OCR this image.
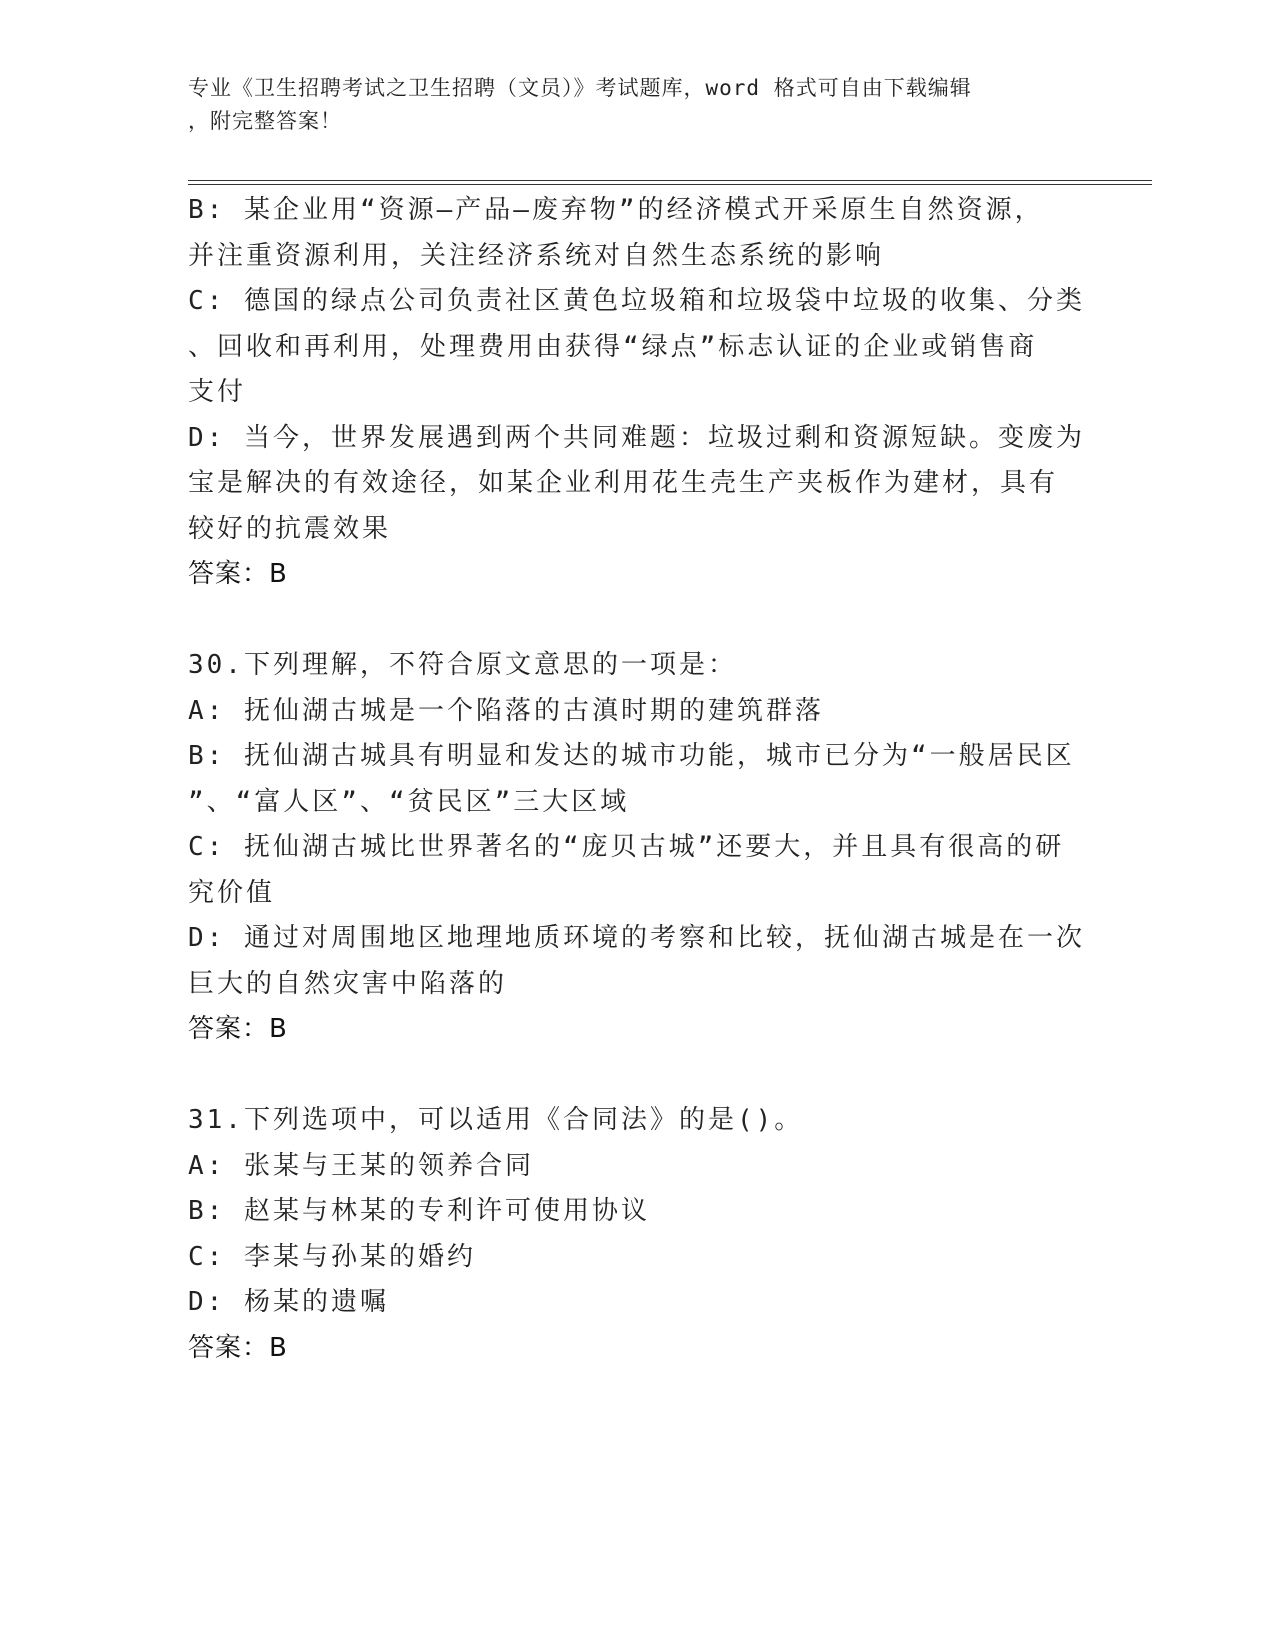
专业《卫生招聘考试之卫生招聘（文员）》考试题库，word 格式可自由下载编辑
，附完整答案！
B: 某企业用“资源—产品—废弃物”的经济模式开采原生自然资源，
并注重资源利用，关注经济系统对自然生态系统的影响
C: 德国的绿点公司负责社区黄色垃圾箱和垃圾袋中垃圾的收集、分类
、回收和再利用，处理费用由获得“绿点”标志认证的企业或销售商
支付
D: 当今，世界发展遇到两个共同难题：垃圾过剩和资源短缺。变废为
宝是解决的有效途径，如某企业利用花生壳生产夹板作为建材，具有
较好的抗震效果
答案：B
30.下列理解，不符合原文意思的一项是：
A: 抚仙湖古城是一个陷落的古滇时期的建筑群落
B: 抚仙湖古城具有明显和发达的城市功能，城市已分为“一般居民区
”、“富人区”、“贫民区”三大区域
C: 抚仙湖古城比世界著名的“庞贝古城”还要大，并且具有很高的研
究价值
D: 通过对周围地区地理地质环境的考察和比较，抚仙湖古城是在一次
巨大的自然灾害中陷落的
答案：B
31.下列选项中，可以适用《合同法》的是()。
A: 张某与王某的领养合同
B: 赵某与林某的专利许可使用协议
C: 李某与孙某的婚约
D: 杨某的遗嘱
答案：B
